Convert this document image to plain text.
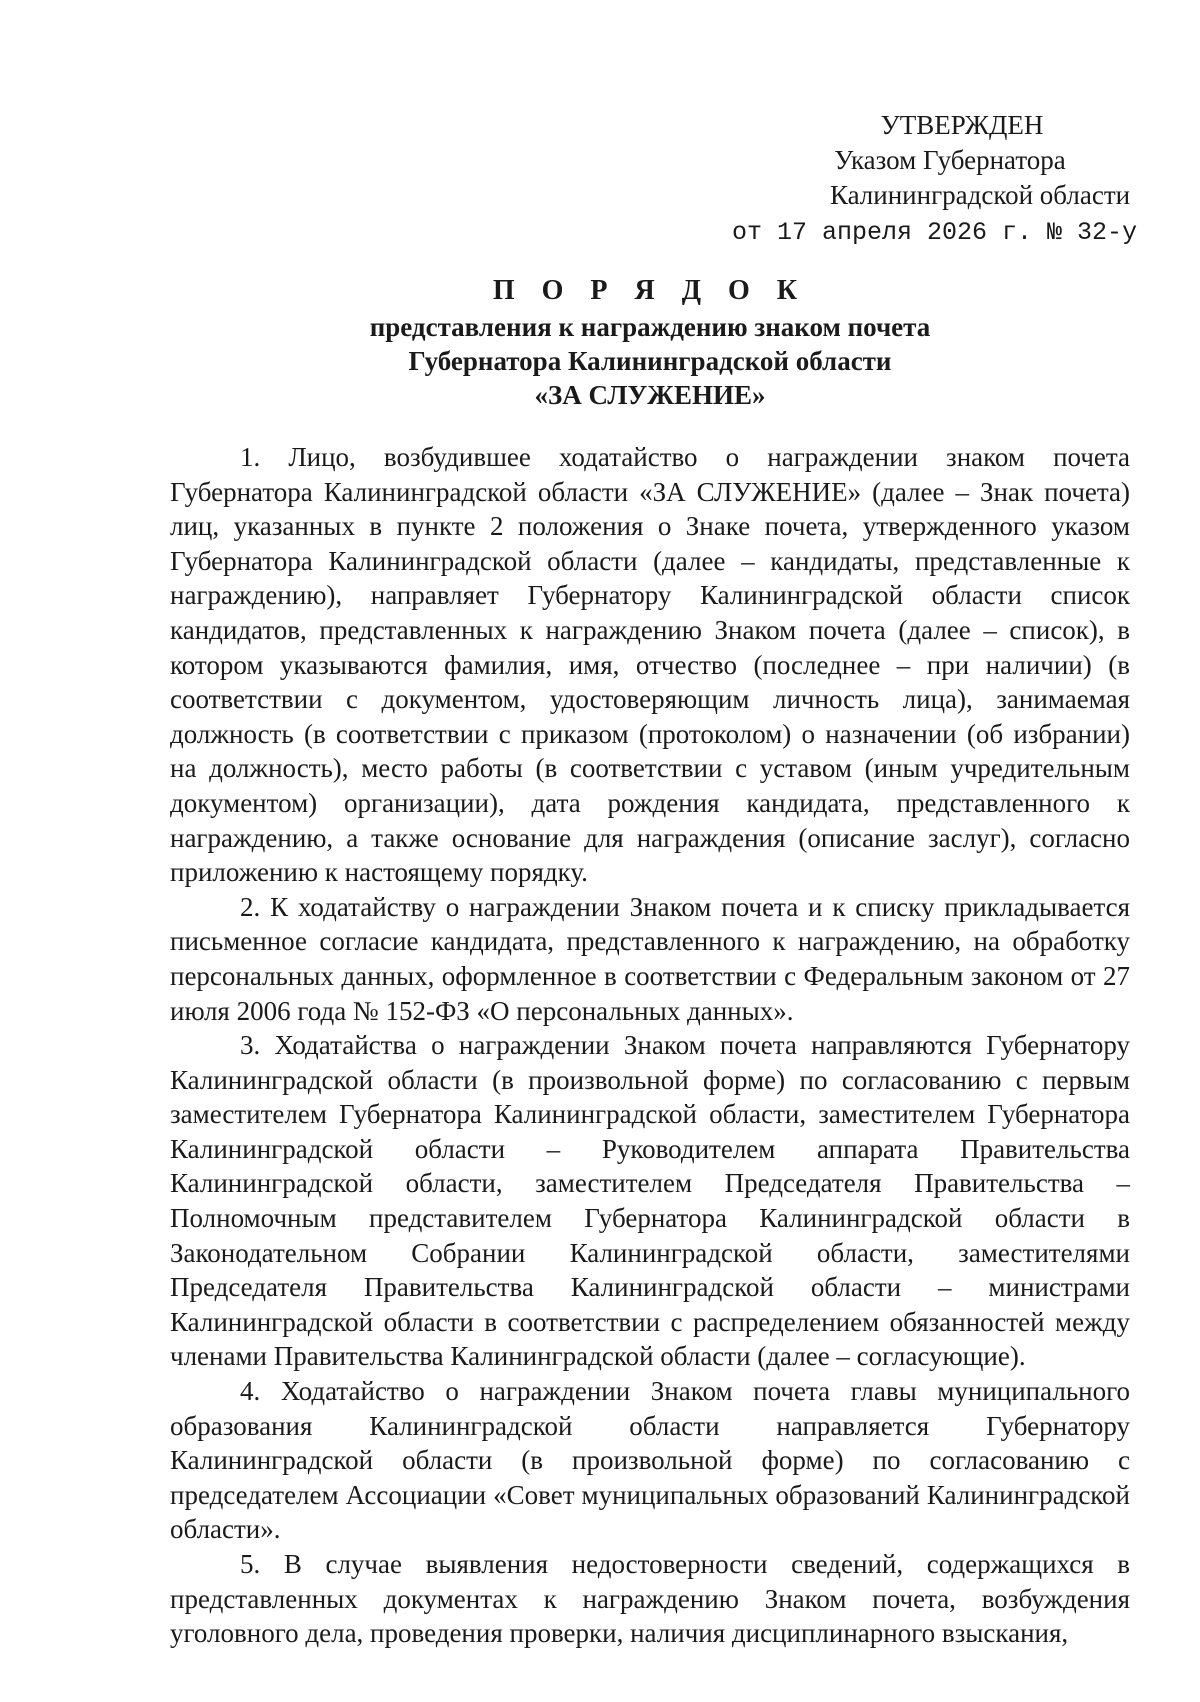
УТВЕРЖДЕН
Указом Губернатора
Калининградской области
от 17 апреля 2026 г. № 32-у
П О Р Я Д О К
представления к награждению знаком почета
Губернатора Калининградской области
«ЗА СЛУЖЕНИЕ»

1. Лицо, возбудившее ходатайство о награждении знаком почета Губернатора Калининградской области «ЗА СЛУЖЕНИЕ» (далее – Знак почета) лиц, указанных в пункте 2 положения о Знаке почета, утвержденного указом Губернатора Калининградской области (далее – кандидаты, представленные к награждению), направляет Губернатору Калининградской области список кандидатов, представленных к награждению Знаком почета (далее – список), в котором указываются фамилия, имя, отчество (последнее – при наличии) (в соответствии с документом, удостоверяющим личность лица), занимаемая должность (в соответствии с приказом (протоколом) о назначении (об избрании) на должность), место работы (в соответствии с уставом (иным учредительным документом) организации), дата рождения кандидата, представленного к награждению, а также основание для награждения (описание заслуг), согласно приложению к настоящему порядку.

2. К ходатайству о награждении Знаком почета и к списку прикладывается письменное согласие кандидата, представленного к награждению, на обработку персональных данных, оформленное в соответствии с Федеральным законом от 27 июля 2006 года № 152-ФЗ «О персональных данных».

3. Ходатайства о награждении Знаком почета направляются Губернатору Калининградской области (в произвольной форме) по согласованию с первым заместителем Губернатора Калининградской области, заместителем Губернатора Калининградской области – Руководителем аппарата Правительства Калининградской области, заместителем Председателя Правительства – Полномочным представителем Губернатора Калининградской области в Законодательном Собрании Калининградской области, заместителями Председателя Правительства Калининградской области – министрами Калининградской области в соответствии с распределением обязанностей между членами Правительства Калининградской области (далее – согласующие).

4. Ходатайство о награждении Знаком почета главы муниципального образования Калининградской области направляется Губернатору Калининградской области (в произвольной форме) по согласованию с председателем Ассоциации «Совет муниципальных образований Калининградской области».

5. В случае выявления недостоверности сведений, содержащихся в представленных документах к награждению Знаком почета, возбуждения уголовного дела, проведения проверки, наличия дисциплинарного взыскания,
